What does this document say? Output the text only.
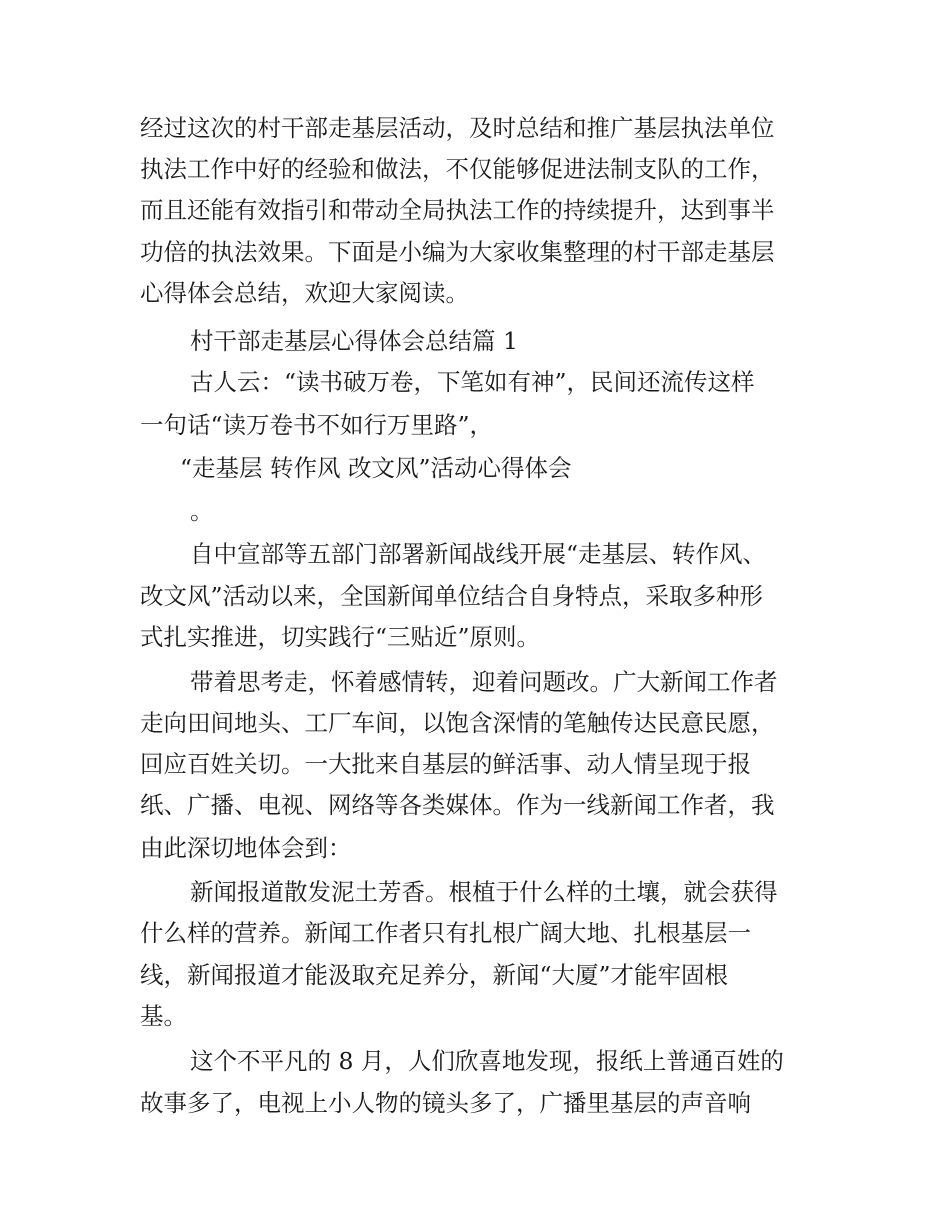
经过这次的村干部走基层活动，及时总结和推广基层执法单位
执法工作中好的经验和做法，不仅能够促进法制支队的工作，
而且还能有效指引和带动全局执法工作的持续提升，达到事半
功倍的执法效果。下面是小编为大家收集整理的村干部走基层
心得体会总结，欢迎大家阅读。
村干部走基层心得体会总结篇 1
古人云：“读书破万卷，下笔如有神”，民间还流传这样
一句话“读万卷书不如行万里路”，
“走基层 转作风 改文风”活动心得体会
。
自中宣部等五部门部署新闻战线开展“走基层、转作风、
改文风”活动以来，全国新闻单位结合自身特点，采取多种形
式扎实推进，切实践行“三贴近”原则。
带着思考走，怀着感情转，迎着问题改。广大新闻工作者
走向田间地头、工厂车间，以饱含深情的笔触传达民意民愿，
回应百姓关切。一大批来自基层的鲜活事、动人情呈现于报
纸、广播、电视、网络等各类媒体。作为一线新闻工作者，我
由此深切地体会到：
新闻报道散发泥土芳香。根植于什么样的土壤，就会获得
什么样的营养。新闻工作者只有扎根广阔大地、扎根基层一
线，新闻报道才能汲取充足养分，新闻“大厦”才能牢固根
基。
这个不平凡的 8 月，人们欣喜地发现，报纸上普通百姓的
故事多了，电视上小人物的镜头多了，广播里基层的声音响
